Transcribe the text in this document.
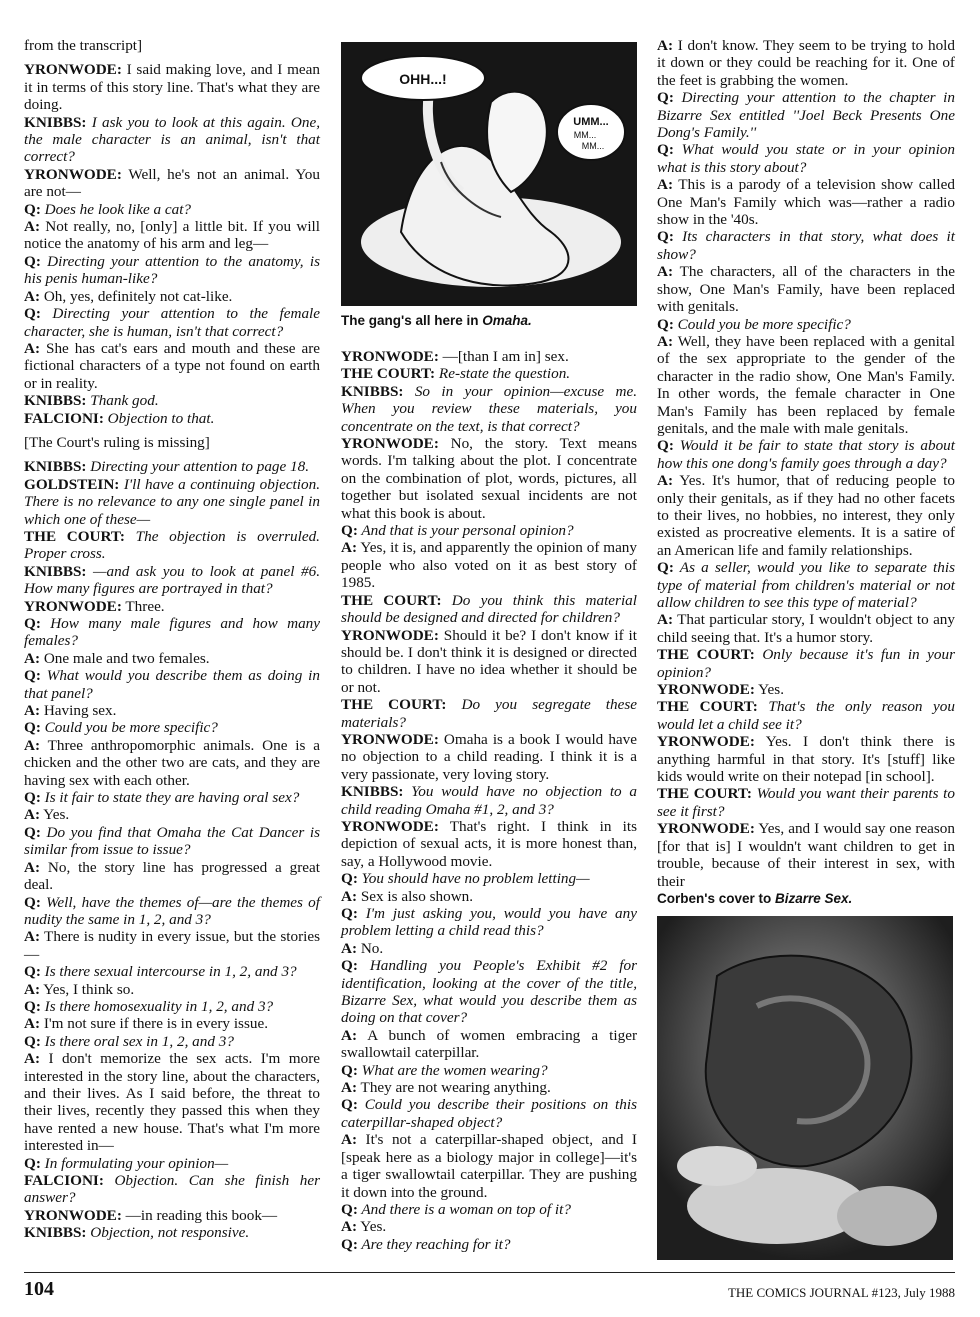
from the transcript]
YRONWODE: I said making love, and I mean it in terms of this story line. That's what they are doing.
KNIBBS: I ask you to look at this again. One, the male character is an animal, isn't that correct?
YRONWODE: Well, he's not an animal. You are not—
Q: Does he look like a cat?
A: Not really, no, [only] a little bit. If you will notice the anatomy of his arm and leg—
Q: Directing your attention to the anatomy, is his penis human-like?
A: Oh, yes, definitely not cat-like.
Q: Directing your attention to the female character, she is human, isn't that correct?
A: She has cat's ears and mouth and these are fictional characters of a type not found on earth or in reality.
KNIBBS: Thank god.
FALCIONI: Objection to that.
[The Court's ruling is missing]
KNIBBS: Directing your attention to page 18.
GOLDSTEIN: I'll have a continuing objection. There is no relevance to any one single panel in which one of these—
THE COURT: The objection is overruled. Proper cross.
KNIBBS: —and ask you to look at panel #6. How many figures are portrayed in that?
YRONWODE: Three.
Q: How many male figures and how many females?
A: One male and two females.
Q: What would you describe them as doing in that panel?
A: Having sex.
Q: Could you be more specific?
A: Three anthropomorphic animals. One is a chicken and the other two are cats, and they are having sex with each other.
Q: Is it fair to state they are having oral sex?
A: Yes.
Q: Do you find that Omaha the Cat Dancer is similar from issue to issue?
A: No, the story line has progressed a great deal.
Q: Well, have the themes of—are the themes of nudity the same in 1, 2, and 3?
A: There is nudity in every issue, but the stories—
Q: Is there sexual intercourse in 1, 2, and 3?
A: Yes, I think so.
Q: Is there homosexuality in 1, 2, and 3?
A: I'm not sure if there is in every issue.
Q: Is there oral sex in 1, 2, and 3?
A: I don't memorize the sex acts. I'm more interested in the story line, about the characters, and their lives. As I said before, the threat to their lives, recently they passed this when they have rented a new house. That's what I'm more interested in—
Q: In formulating your opinion—
FALCIONI: Objection. Can she finish her answer?
YRONWODE: —in reading this book—
KNIBBS: Objection, not responsive.
YRONWODE: —[than I am in] sex.
THE COURT: Re-state the question.
KNIBBS: So in your opinion—excuse me. When you review these materials, you concentrate on the text, is that correct?
YRONWODE: No, the story. Text means words. I'm talking about the plot. I concentrate on the combination of plot, words, pictures, all together but isolated sexual incidents are not what this book is about.
Q: And that is your personal opinion?
A: Yes, it is, and apparently the opinion of many people who also voted on it as best story of 1985.
THE COURT: Do you think this material should be designed and directed for children?
YRONWODE: Should it be? I don't know if it should be. I don't think it is designed or directed to children. I have no idea whether it should be or not.
THE COURT: Do you segregate these materials?
YRONWODE: Omaha is a book I would have no objection to a child reading. I think it is a very passionate, very loving story.
KNIBBS: You would have no objection to a child reading Omaha #1, 2, and 3?
YRONWODE: That's right. I think in its depiction of sexual acts, it is more honest than, say, a Hollywood movie.
Q: You should have no problem letting—
A: Sex is also shown.
Q: I'm just asking you, would you have any problem letting a child read this?
A: No.
Q: Handling you People's Exhibit #2 for identification, looking at the cover of the title, Bizarre Sex, what would you describe them as doing on that cover?
A: A bunch of women embracing a tiger swallowtail caterpillar.
Q: What are the women wearing?
A: They are not wearing anything.
Q: Could you describe their positions on this caterpillar-shaped object?
A: It's not a caterpillar-shaped object, and I [speak here as a biology major in college]—it's a tiger swallowtail caterpillar. They are pushing it down into the ground.
Q: And there is a woman on top of it?
A: Yes.
Q: Are they reaching for it?
A: I don't know. They seem to be trying to hold it down or they could be reaching for it. One of the feet is grabbing the women.
Q: Directing your attention to the chapter in Bizarre Sex entitled ''Joel Beck Presents One Dong's Family.''
Q: What would you state or in your opinion what is this story about?
A: This is a parody of a television show called One Man's Family which was—rather a radio show in the '40s.
Q: Its characters in that story, what does it show?
A: The characters, all of the characters in the show, One Man's Family, have been replaced with genitals.
Q: Could you be more specific?
A: Well, they have been replaced with a genital of the sex appropriate to the gender of the character in the radio show, One Man's Family. In other words, the female character in One Man's Family has been replaced by female genitals, and the male with male genitals.
Q: Would it be fair to state that story is about how this one dong's family goes through a day?
A: Yes. It's humor, that of reducing people to only their genitals, as if they had no other facets to their lives, no hobbies, no interest, they only existed as procreative elements. It is a satire of an American life and family relationships.
Q: As a seller, would you like to separate this type of material from children's material or not allow children to see this type of material?
A: That particular story, I wouldn't object to any child seeing that. It's a humor story.
THE COURT: Only because it's fun in your opinion?
YRONWODE: Yes.
THE COURT: That's the only reason you would let a child see it?
YRONWODE: Yes. I don't think there is anything harmful in that story. It's [stuff] like kids would write on their notepad [in school].
THE COURT: Would you want their parents to see it first?
YRONWODE: Yes, and I would say one reason [for that is] I wouldn't want children to get in trouble, because of their interest in sex, with their
OHH...!
UMM...
MM...
MM...
The gang's all here in Omaha.
Corben's cover to Bizarre Sex.
104	THE COMICS JOURNAL #123, July 1988
